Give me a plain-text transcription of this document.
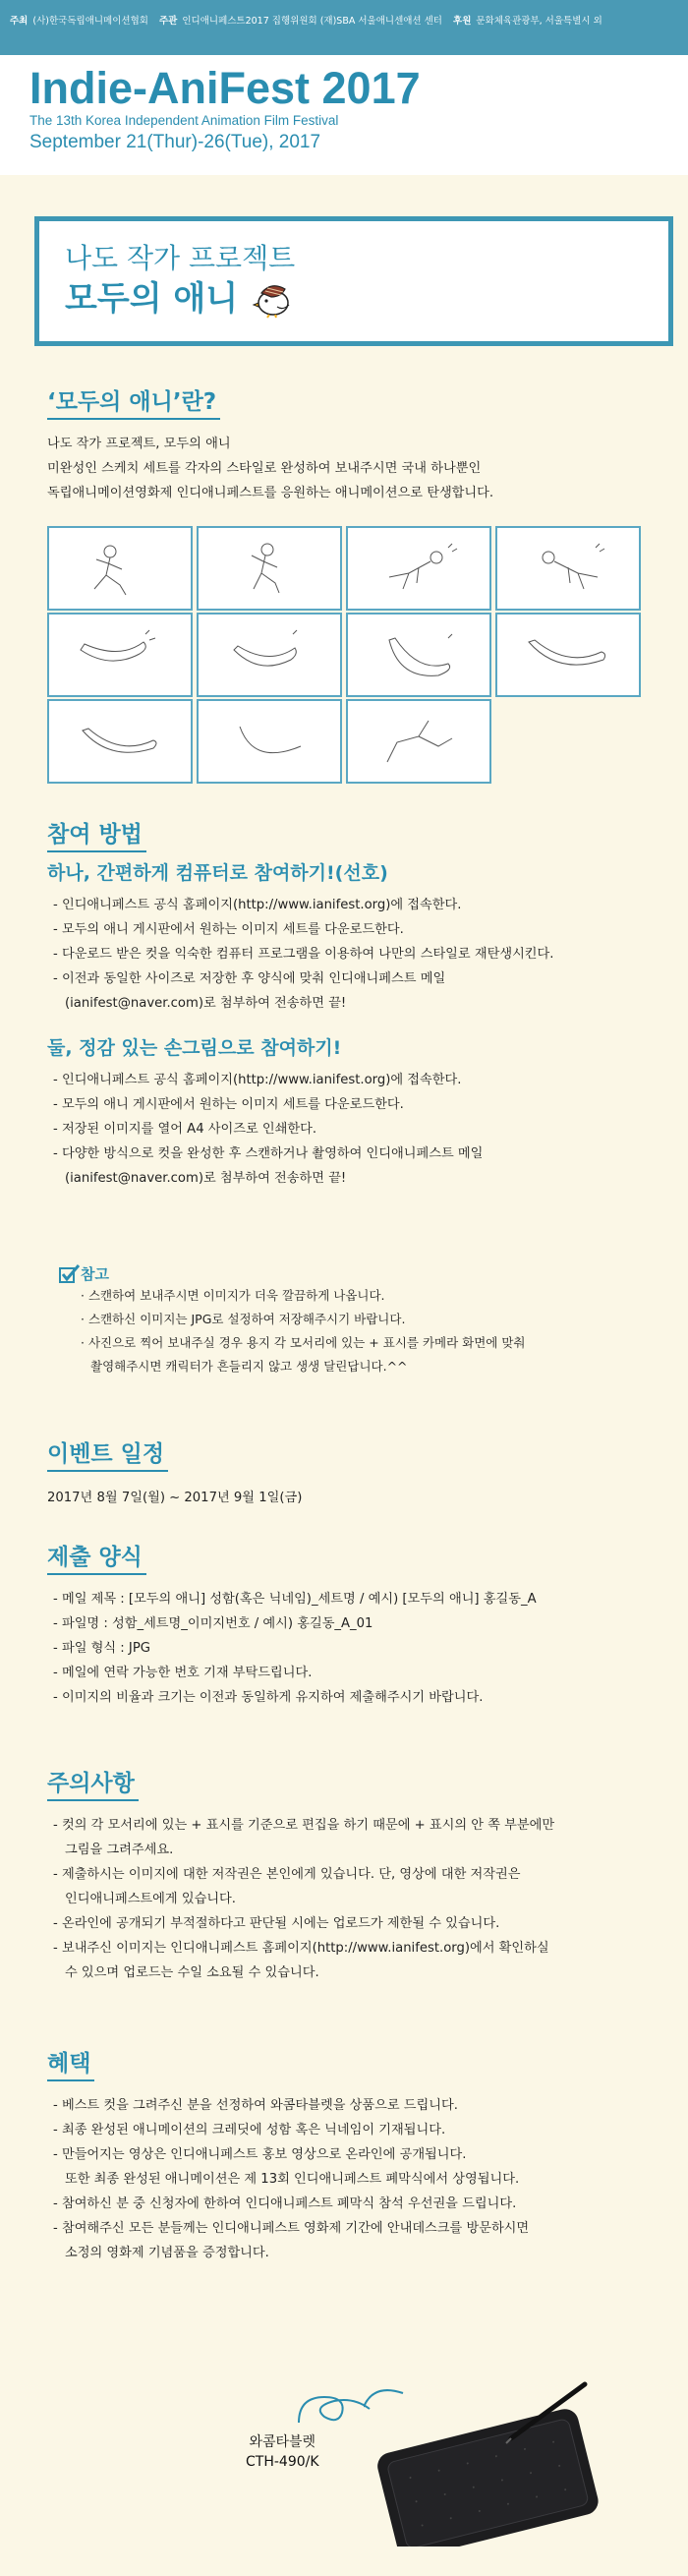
주최 (사)한국독립애니메이션협회 주관 인디애니페스트2017 집행위원회 (재)SBA 서울애니센애션 센터 후원 문화체육관광부, 서울특별시 외
Indie-AniFest 2017
The 13th Korea Independent Animation Film Festival
September 21(Thur)-26(Tue), 2017
나도 작가 프로젝트
모두의 애니
‘모두의 애니’란?

나도 작가 프로젝트, 모두의 애니

미완성인 스케치 세트를 각자의 스타일로 완성하여 보내주시면 국내 하나뿐인

독립애니메이션영화제 인디애니페스트를 응원하는 애니메이션으로 탄생합니다.

참여 방법
하나, 간편하게 컴퓨터로 참여하기!(선호)
- 인디애니페스트 공식 홈페이지(http://www.ianifest.org)에 접속한다.
- 모두의 애니 게시판에서 원하는 이미지 세트를 다운로드한다.
- 다운로드 받은 컷을 익숙한 컴퓨터 프로그램을 이용하여 나만의 스타일로 재탄생시킨다.
- 이전과 동일한 사이즈로 저장한 후 양식에 맞춰 인디애니페스트 메일
(ianifest@naver.com)로 첨부하여 전송하면 끝!
둘, 정감 있는 손그림으로 참여하기!
- 인디애니페스트 공식 홈페이지(http://www.ianifest.org)에 접속한다.
- 모두의 애니 게시판에서 원하는 이미지 세트를 다운로드한다.
- 저장된 이미지를 열어 A4 사이즈로 인쇄한다.
- 다양한 방식으로 컷을 완성한 후 스캔하거나 촬영하여 인디애니페스트 메일
(ianifest@naver.com)로 첨부하여 전송하면 끝!
참고

· 스캔하여 보내주시면 이미지가 더욱 깔끔하게 나옵니다.

· 스캔하신 이미지는 JPG로 설정하여 저장해주시기 바랍니다.

· 사진으로 찍어 보내주실 경우 용지 각 모서리에 있는 + 표시를 카메라 화면에 맞춰

촬영해주시면 캐릭터가 흔들리지 않고 생생 달린답니다.^^

이벤트 일정

2017년 8월 7일(월) ~ 2017년 9월 1일(금)

제출 양식
- 메일 제목 : [모두의 애니] 성함(혹은 닉네임)_세트명 / 예시) [모두의 애니] 홍길동_A
- 파일명 : 성함_세트명_이미지번호 / 예시) 홍길동_A_01
- 파일 형식 : JPG
- 메일에 연락 가능한 번호 기재 부탁드립니다.
- 이미지의 비율과 크기는 이전과 동일하게 유지하여 제출해주시기 바랍니다.
주의사항
- 컷의 각 모서리에 있는 + 표시를 기준으로 편집을 하기 때문에 + 표시의 안 쪽 부분에만
그림을 그려주세요.
- 제출하시는 이미지에 대한 저작권은 본인에게 있습니다. 단, 영상에 대한 저작권은
인디애니페스트에게 있습니다.
- 온라인에 공개되기 부적절하다고 판단될 시에는 업로드가 제한될 수 있습니다.
- 보내주신 이미지는 인디애니페스트 홈페이지(http://www.ianifest.org)에서 확인하실
수 있으며 업로드는 수일 소요될 수 있습니다.
혜택
- 베스트 컷을 그려주신 분을 선정하여 와콤타블렛을 상품으로 드립니다.
- 최종 완성된 애니메이션의 크레딧에 성함 혹은 닉네임이 기재됩니다.
- 만들어지는 영상은 인디애니페스트 홍보 영상으로 온라인에 공개됩니다.
또한 최종 완성된 애니메이션은 제 13회 인디애니페스트 폐막식에서 상영됩니다.
- 참여하신 분 중 신청자에 한하여 인디애니페스트 폐막식 참석 우선권을 드립니다.
- 참여해주신 모든 분들께는 인디애니페스트 영화제 기간에 안내데스크를 방문하시면
소정의 영화제 기념품을 증정합니다.
와콤타블렛
CTH-490/K
